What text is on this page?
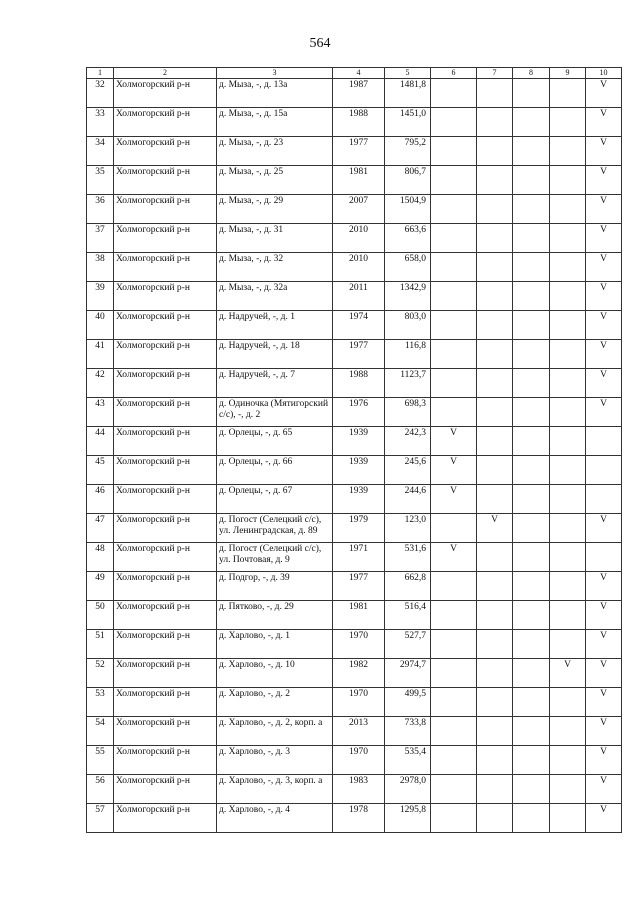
564
1	2	3	4	5	6	7	8	9	10
32	Холмогорский р-н	д. Мыза, -, д. 13а	1987	1481,8					V
33	Холмогорский р-н	д. Мыза, -, д. 15а	1988	1451,0					V
34	Холмогорский р-н	д. Мыза, -, д. 23	1977	795,2					V
35	Холмогорский р-н	д. Мыза, -, д. 25	1981	806,7					V
36	Холмогорский р-н	д. Мыза, -, д. 29	2007	1504,9					V
37	Холмогорский р-н	д. Мыза, -, д. 31	2010	663,6					V
38	Холмогорский р-н	д. Мыза, -, д. 32	2010	658,0					V
39	Холмогорский р-н	д. Мыза, -, д. 32а	2011	1342,9					V
40	Холмогорский р-н	д. Надручей, -, д. 1	1974	803,0					V
41	Холмогорский р-н	д. Надручей, -, д. 18	1977	116,8					V
42	Холмогорский р-н	д. Надручей, -, д. 7	1988	1123,7					V
43	Холмогорский р-н	д. Одиночка (Мятигорский с/с), -, д. 2	1976	698,3					V
44	Холмогорский р-н	д. Орлецы, -, д. 65	1939	242,3	V				
45	Холмогорский р-н	д. Орлецы, -, д. 66	1939	245,6	V				
46	Холмогорский р-н	д. Орлецы, -, д. 67	1939	244,6	V				
47	Холмогорский р-н	д. Погост (Селецкий с/с), ул. Ленинградская, д. 89	1979	123,0		V			V
48	Холмогорский р-н	д. Погост (Селецкий с/с), ул. Почтовая, д. 9	1971	531,6	V				
49	Холмогорский р-н	д. Подгор, -, д. 39	1977	662,8					V
50	Холмогорский р-н	д. Пятково, -, д. 29	1981	516,4					V
51	Холмогорский р-н	д. Харлово, -, д. 1	1970	527,7					V
52	Холмогорский р-н	д. Харлово, -, д. 10	1982	2974,7				V	V
53	Холмогорский р-н	д. Харлово, -, д. 2	1970	499,5					V
54	Холмогорский р-н	д. Харлово, -, д. 2, корп. а	2013	733,8					V
55	Холмогорский р-н	д. Харлово, -, д. 3	1970	535,4					V
56	Холмогорский р-н	д. Харлово, -, д. 3, корп. а	1983	2978,0					V
57	Холмогорский р-н	д. Харлово, -, д. 4	1978	1295,8					V
